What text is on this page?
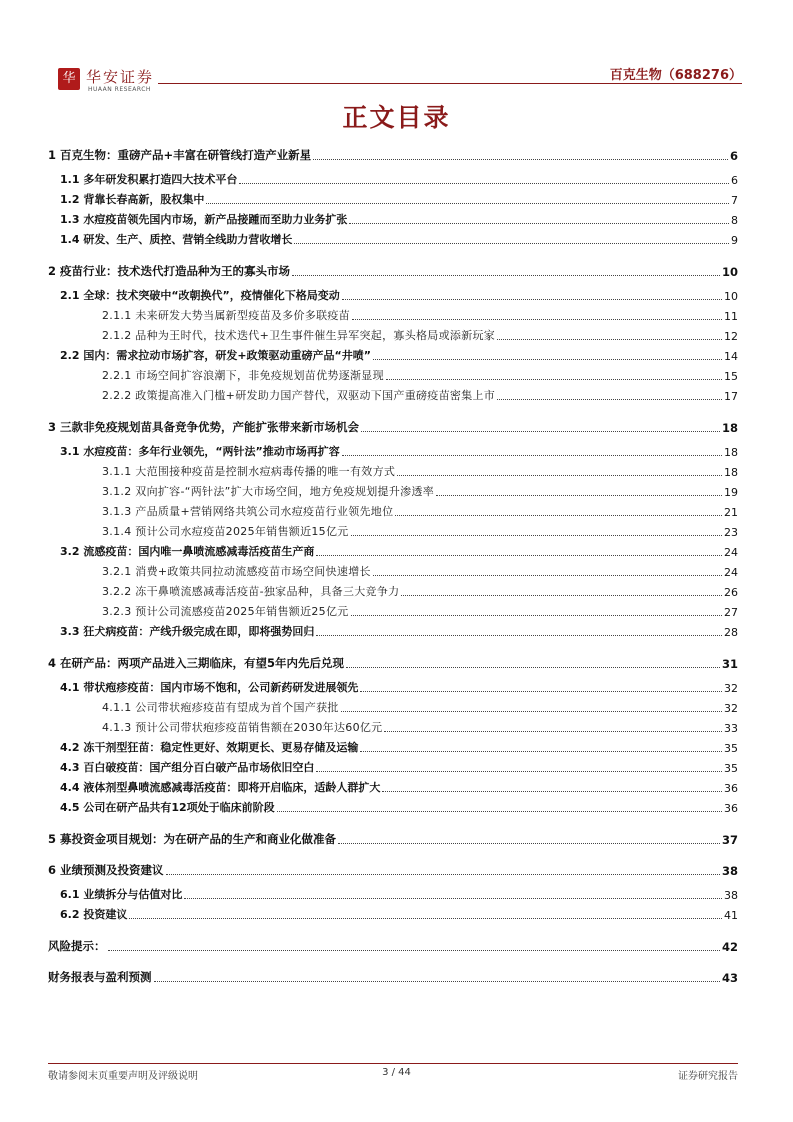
华 华安证券
HUAAN RESEARCH
百克生物（688276）
正文目录
1 百克生物：重磅产品+丰富在研管线打造产业新星	6
1.1 多年研发积累打造四大技术平台	6
1.2 背靠长春高新，股权集中	7
1.3 水痘疫苗领先国内市场，新产品接踵而至助力业务扩张	8
1.4 研发、生产、质控、营销全线助力营收增长	9
2 疫苗行业：技术迭代打造品种为王的寡头市场	10
2.1 全球：技术突破中“改朝换代”，疫情催化下格局变动	10
2.1.1 未来研发大势当属新型疫苗及多价多联疫苗	11
2.1.2 品种为王时代，技术迭代+卫生事件催生异军突起，寡头格局或添新玩家	12
2.2 国内：需求拉动市场扩容，研发+政策驱动重磅产品“井喷”	14
2.2.1 市场空间扩容浪潮下，非免疫规划苗优势逐渐显现	15
2.2.2 政策提高准入门槛+研发助力国产替代，双驱动下国产重磅疫苗密集上市	17
3 三款非免疫规划苗具备竞争优势，产能扩张带来新市场机会	18
3.1 水痘疫苗：多年行业领先，“两针法”推动市场再扩容	18
3.1.1 大范围接种疫苗是控制水痘病毒传播的唯一有效方式	18
3.1.2 双向扩容-“两针法”扩大市场空间，地方免疫规划提升渗透率	19
3.1.3 产品质量+营销网络共筑公司水痘疫苗行业领先地位	21
3.1.4 预计公司水痘疫苗2025年销售额近15亿元	23
3.2 流感疫苗：国内唯一鼻喷流感减毒活疫苗生产商	24
3.2.1 消费+政策共同拉动流感疫苗市场空间快速增长	24
3.2.2 冻干鼻喷流感减毒活疫苗-独家品种，具备三大竞争力	26
3.2.3 预计公司流感疫苗2025年销售额近25亿元	27
3.3 狂犬病疫苗：产线升级完成在即，即将强势回归	28
4 在研产品：两项产品进入三期临床，有望5年内先后兑现	31
4.1 带状疱疹疫苗：国内市场不饱和，公司新药研发进展领先	32
4.1.1 公司带状疱疹疫苗有望成为首个国产获批	32
4.1.3 预计公司带状疱疹疫苗销售额在2030年达60亿元	33
4.2 冻干剂型狂苗：稳定性更好、效期更长、更易存储及运输	35
4.3 百白破疫苗：国产组分百白破产品市场依旧空白	35
4.4 液体剂型鼻喷流感减毒活疫苗：即将开启临床，适龄人群扩大	36
4.5 公司在研产品共有12项处于临床前阶段	36
5 募投资金项目规划：为在研产品的生产和商业化做准备	37
6 业绩预测及投资建议	38
6.1 业绩拆分与估值对比	38
6.2 投资建议	41
风险提示：	42
财务报表与盈利预测	43
敬请参阅末页重要声明及评级说明	3 / 44	证券研究报告
